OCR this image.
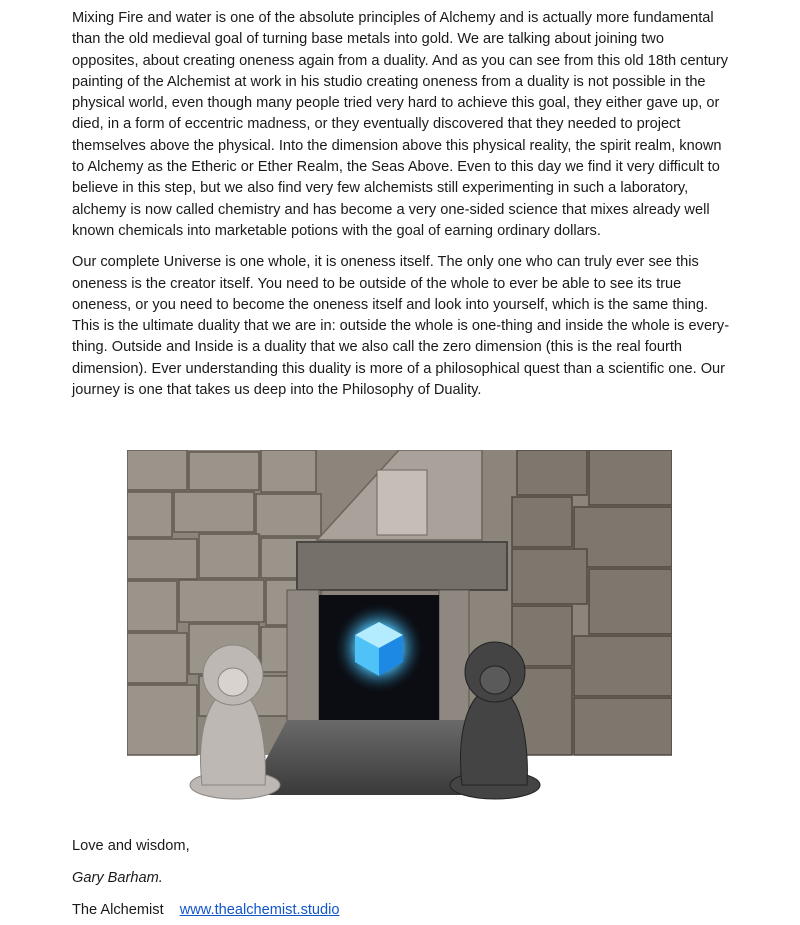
Mixing Fire and water is one of the absolute principles of Alchemy and is actually more fundamental than the old medieval goal of turning base metals into gold. We are talking about joining two opposites, about creating oneness again from a duality. And as you can see from this old 18th century painting of the Alchemist at work in his studio creating oneness from a duality is not possible in the physical world, even though many people tried very hard to achieve this goal, they either gave up, or died, in a form of eccentric madness, or they eventually discovered that they needed to project themselves above the physical. Into the dimension above this physical reality, the spirit realm, known to Alchemy as the Etheric or Ether Realm, the Seas Above. Even to this day we find it very difficult to believe in this step, but we also find very few alchemists still experimenting in such a laboratory, alchemy is now called chemistry and has become a very one-sided science that mixes already well known chemicals into marketable potions with the goal of earning ordinary dollars.

Our complete Universe is one whole, it is oneness itself. The only one who can truly ever see this oneness is the creator itself. You need to be outside of the whole to ever be able to see its true oneness, or you need to become the oneness itself and look into yourself, which is the same thing. This is the ultimate duality that we are in: outside the whole is one-thing and inside the whole is every-thing. Outside and Inside is a duality that we also call the zero dimension (this is the real fourth dimension). Ever understanding this duality is more of a philosophical quest than a scientific one. Our journey is one that takes us deep into the Philosophy of Duality.

Love and wisdom,
Gary Barham.
The Alchemist www.thealchemist.studio
